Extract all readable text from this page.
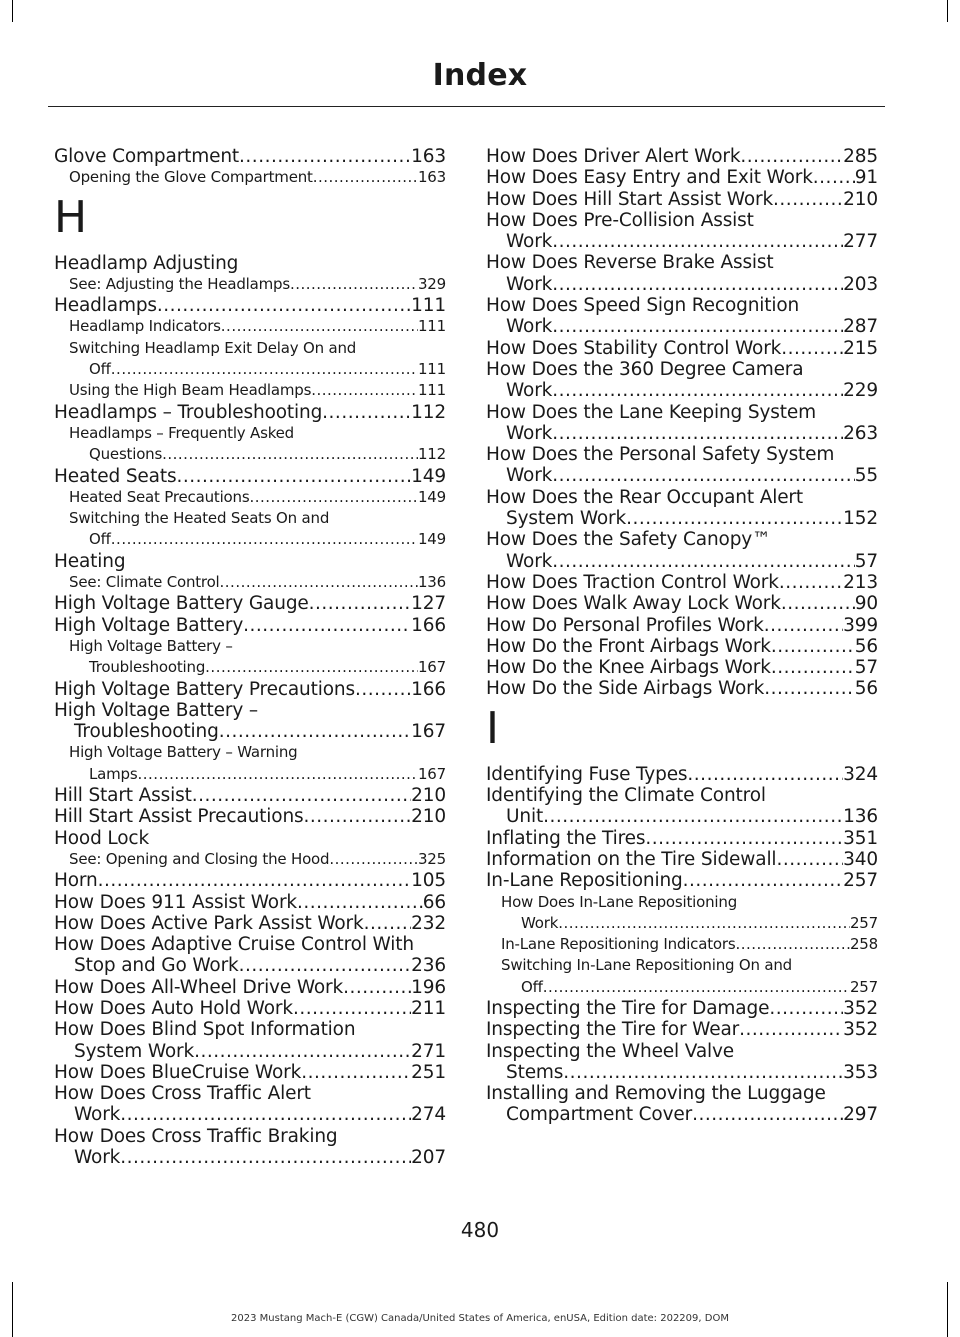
Index
Glove Compartment .....	163
Opening the Glove Compartment .....	163
H
Headlamp Adjusting
See: Adjusting the Headlamps .....	329
Headlamps .....	111
Headlamp Indicators .....	111
Switching Headlamp Exit Delay On and
Off .....	111
Using the High Beam Headlamps .....	111
Headlamps – Troubleshooting .....	112
Headlamps – Frequently Asked
Questions .....	112
Heated Seats .....	149
Heated Seat Precautions .....	149
Switching the Heated Seats On and
Off .....	149
Heating
See: Climate Control .....	136
High Voltage Battery Gauge .....	127
High Voltage Battery .....	166
High Voltage Battery –
Troubleshooting .....	167
High Voltage Battery Precautions .....	166
High Voltage Battery –
Troubleshooting .....	167
High Voltage Battery – Warning
Lamps .....	167
Hill Start Assist .....	210
Hill Start Assist Precautions .....	210
Hood Lock
See: Opening and Closing the Hood .....	325
Horn .....	105
How Does 911 Assist Work .....	66
How Does Active Park Assist Work .....	232
How Does Adaptive Cruise Control With
Stop and Go Work .....	236
How Does All-Wheel Drive Work .....	196
How Does Auto Hold Work .....	211
How Does Blind Spot Information
System Work .....	271
How Does BlueCruise Work .....	251
How Does Cross Traffic Alert
Work .....	274
How Does Cross Traffic Braking
Work .....	207
How Does Driver Alert Work .....	285
How Does Easy Entry and Exit Work ..... 91
How Does Hill Start Assist Work .....	210
How Does Pre-Collision Assist
Work .....	277
How Does Reverse Brake Assist
Work .....	203
How Does Speed Sign Recognition
Work .....	287
How Does Stability Control Work .....	215
How Does the 360 Degree Camera
Work .....	229
How Does the Lane Keeping System
Work .....	263
How Does the Personal Safety System
Work .....	55
How Does the Rear Occupant Alert
System Work .....	152
How Does the Safety Canopy™
Work .....	57
How Does Traction Control Work .....	213
How Does Walk Away Lock Work .....	90
How Do Personal Profiles Work .....	399
How Do the Front Airbags Work .....	56
How Do the Knee Airbags Work .....	57
How Do the Side Airbags Work .....	56
I
Identifying Fuse Types .....	324
Identifying the Climate Control
Unit .....	136
Inflating the Tires .....	351
Information on the Tire Sidewall .....	340
In-Lane Repositioning .....	257
How Does In-Lane Repositioning
Work .....	257
In-Lane Repositioning Indicators .....	258
Switching In-Lane Repositioning On and
Off .....	257
Inspecting the Tire for Damage .....	352
Inspecting the Tire for Wear .....	352
Inspecting the Wheel Valve
Stems .....	353
Installing and Removing the Luggage
Compartment Cover .....	297
480
2023 Mustang Mach-E (CGW) Canada/United States of America, enUSA, Edition date: 202209, DOM
